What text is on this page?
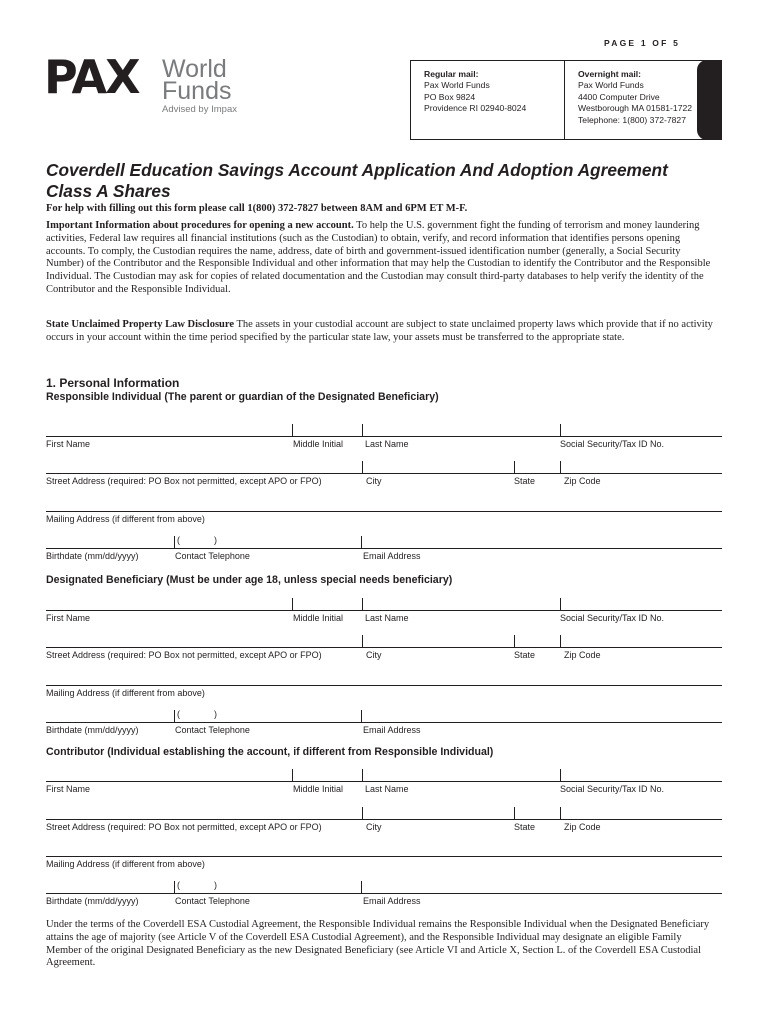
PAGE 1 OF 5
PAX World
Funds
Advised by Impax
Regular mail:
Pax World Funds
PO Box 9824
Providence RI 02940-8024
Overnight mail:
Pax World Funds
4400 Computer Drive
Westborough MA 01581-1722
Telephone: 1(800) 372-7827
Coverdell Education Savings Account Application And Adoption Agreement
Class A Shares
For help with filling out this form please call 1(800) 372-7827 between 8AM and 6PM ET M-F.

Important Information about procedures for opening a new account. To help the U.S. government fight the funding of terrorism and money laundering activities, Federal law requires all financial institutions (such as the Custodian) to obtain, verify, and record information that identifies persons opening accounts. To comply, the Custodian requires the name, address, date of birth and government-issued identification number (generally, a Social Security Number) of the Contributor and the Responsible Individual and other information that may help the Custodian to identify the Contributor and the Responsible Individual. The Custodian may ask for copies of related documentation and the Custodian may consult third-party databases to help verify the identity of the Contributor and the Responsible Individual.

State Unclaimed Property Law Disclosure The assets in your custodial account are subject to state unclaimed property laws which provide that if no activity occurs in your account within the time period specified by the particular state law, your assets must be transferred to the appropriate state.

1. Personal Information
Responsible Individual (The parent or guardian of the Designated Beneficiary)
Designated Beneficiary (Must be under age 18, unless special needs beneficiary)
Contributor (Individual establishing the account, if different from Responsible Individual)
First Name	Middle Initial Last Name	Social Security/Tax ID No.
Street Address (required: PO Box not permitted, except APO or FPO)	City	State	Zip Code
Mailing Address (if different from above)
(	)
Birthdate (mm/dd/yyyy)	Contact Telephone	Email Address
First Name	Middle Initial Last Name	Social Security/Tax ID No.
Street Address (required: PO Box not permitted, except APO or FPO)	City	State	Zip Code
Mailing Address (if different from above)
(	)
Birthdate (mm/dd/yyyy)	Contact Telephone	Email Address
First Name	Middle Initial Last Name	Social Security/Tax ID No.
Street Address (required: PO Box not permitted, except APO or FPO)	City	State	Zip Code
Mailing Address (if different from above)
(	)
Birthdate (mm/dd/yyyy)	Contact Telephone	Email Address

Under the terms of the Coverdell ESA Custodial Agreement, the Responsible Individual remains the Responsible Individual when the Designated Beneficiary attains the age of majority (see Article V of the Coverdell ESA Custodial Agreement), and the Responsible Individual may designate an eligible Family Member of the original Designated Beneficiary as the new Designated Beneficiary (see Article VI and Article X, Section L. of the Coverdell ESA Custodial Agreement.
